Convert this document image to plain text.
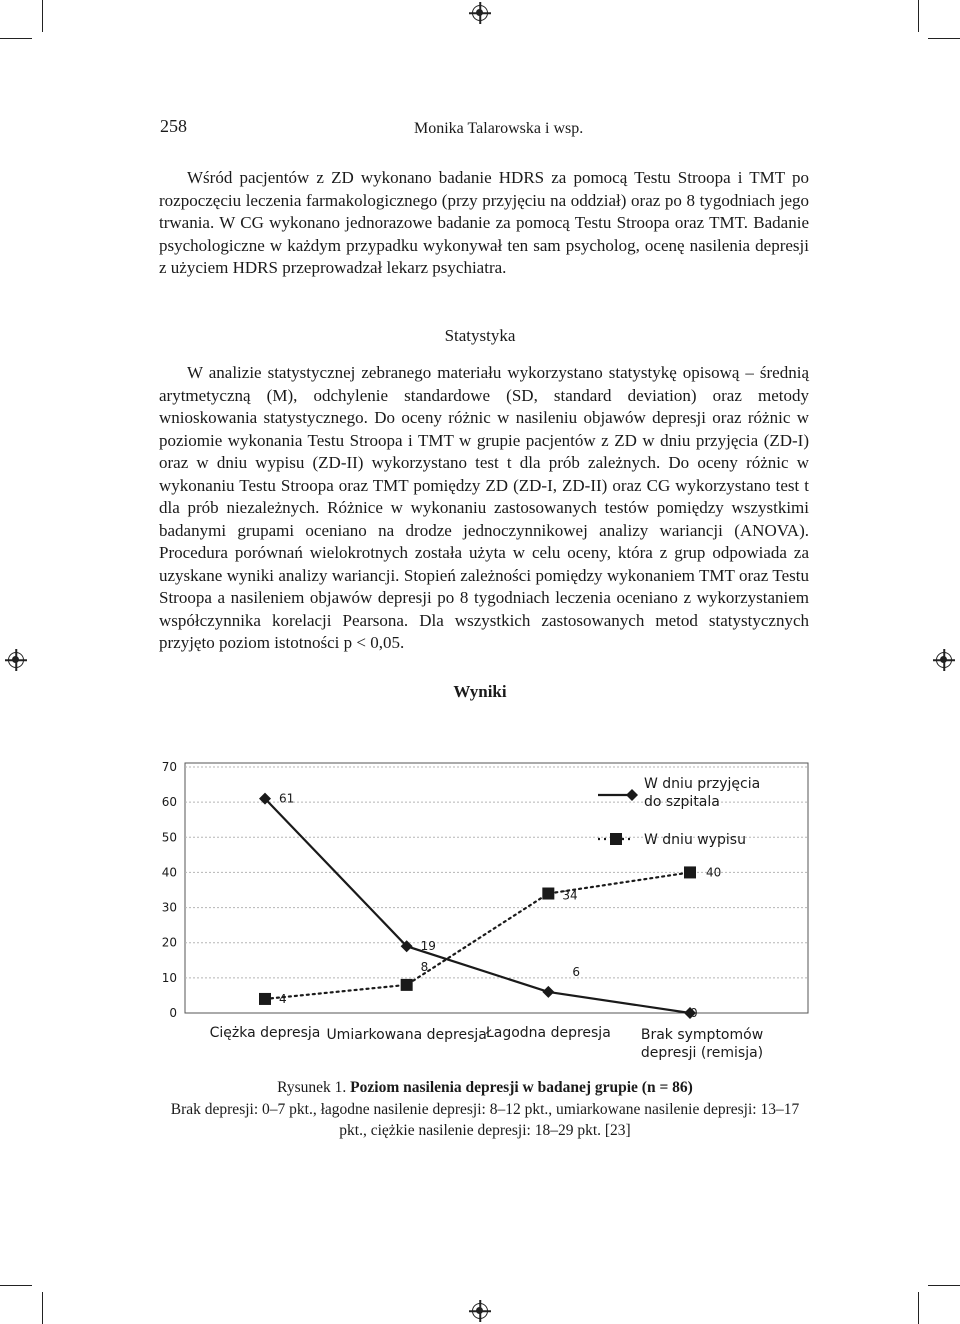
258	Monika Talarowska i wsp.

Wśród pacjentów z ZD wykonano badanie HDRS za pomocą Testu Stroopa i TMT po rozpoczęciu leczenia farmakologicznego (przy przyjęciu na oddział) oraz po 8 tygodniach jego trwania. W CG wykonano jednorazowe badanie za pomocą Testu Stroopa oraz TMT. Badanie psychologiczne w każdym przypadku wykonywał ten sam psycholog, ocenę nasilenia depresji z użyciem HDRS przeprowadzał lekarz psychiatra.

Statystyka

W analizie statystycznej zebranego materiału wykorzystano statystykę opisową – średnią arytmetyczną (M), odchylenie standardowe (SD, standard deviation) oraz metody wnioskowania statystycznego. Do oceny różnic w nasileniu objawów depresji oraz różnic w poziomie wykonania Testu Stroopa i TMT w grupie pacjentów z ZD w dniu przyjęcia (ZD-I) oraz w dniu wypisu (ZD-II) wykorzystano test t dla prób zależnych. Do oceny różnic w wykonaniu Testu Stroopa oraz TMT pomiędzy ZD (ZD-I, ZD-II) oraz CG wykorzystano test t dla prób niezależnych. Różnice w wykonaniu zastosowanych testów pomiędzy wszystkimi badanymi grupami oceniano na drodze jednoczynnikowej analizy wariancji (ANOVA). Procedura porównań wielokrotnych została użyta w celu oceny, która z grup odpowiada za uzyskane wyniki analizy wariancji. Stopień zależności pomiędzy wykonaniem TMT oraz Testu Stroopa a nasileniem objawów depresji po 8 tygodniach leczenia oceniano z wykorzystaniem współczynnika korelacji Pearsona. Dla wszystkich zastosowanych metod statystycznych przyjęto poziom istotności p < 0,05.

Wyniki
0
10
20
30
40
50
60
70
Ciężka depresja Umiarkowana depresja
Łagodna depresja Brak symptomów
depresji (remisja)
61
19
6
0
4
8
34
40
W dniu przyjęcia
do szpitala
W dniu wypisu

Rysunek 1. Poziom nasilenia depresji w badanej grupie (n = 86)

Brak depresji: 0–7 pkt., łagodne nasilenie depresji: 8–12 pkt., umiarkowane nasilenie depresji: 13–17 pkt., ciężkie nasilenie depresji: 18–29 pkt. [23]
